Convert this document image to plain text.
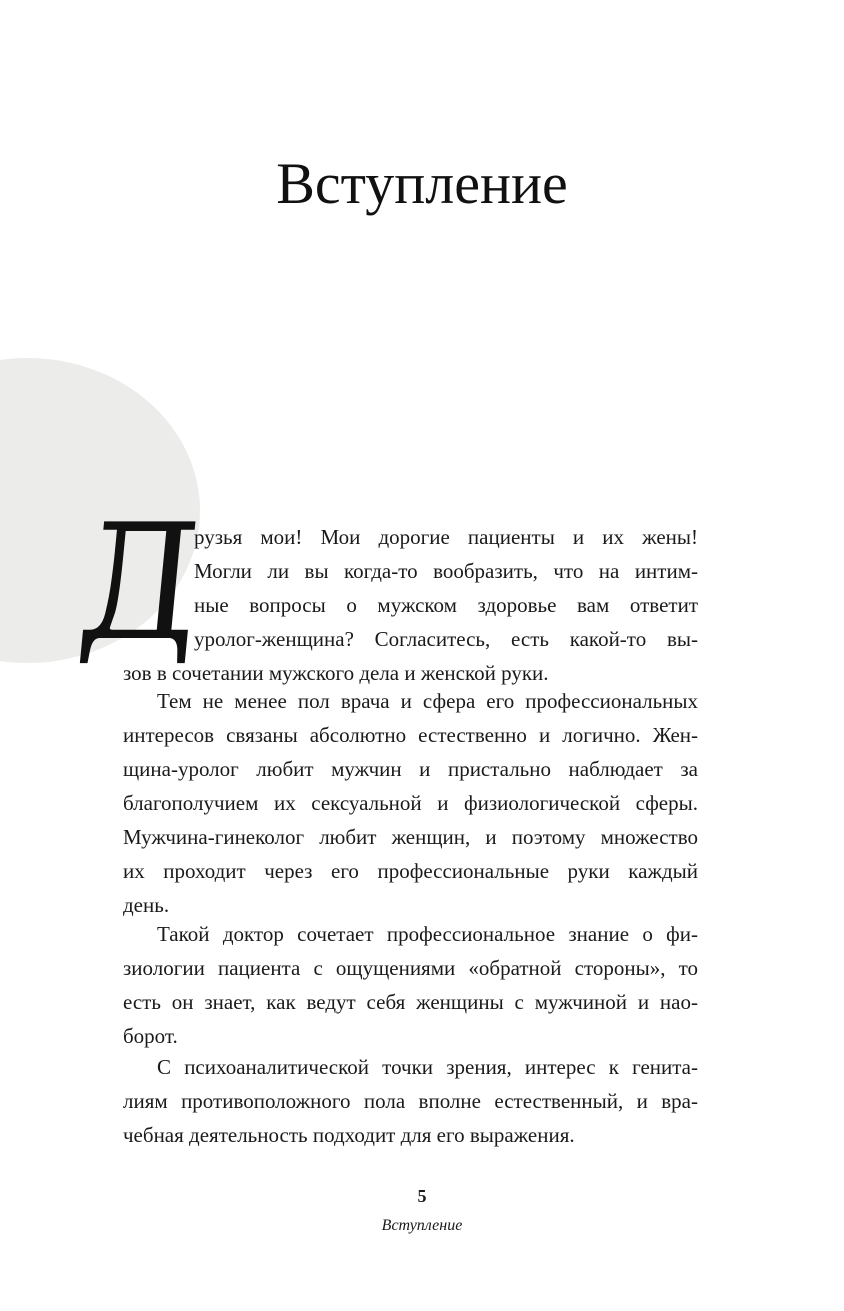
Вступление
Д
рузья мои! Мои дорогие пациенты и их жены!
Могли ли вы когда-то вообразить, что на интим-
ные вопросы о мужском здоровье вам ответит
уролог-женщина? Согласитесь, есть какой-то вы-
зов в сочетании мужского дела и женской руки.
Тем не менее пол врача и сфера его профессиональных
интересов связаны абсолютно естественно и логично. Жен-
щина-уролог любит мужчин и пристально наблюдает за
благополучием их сексуальной и физиологической сферы.
Мужчина-гинеколог любит женщин, и поэтому множество
их проходит через его профессиональные руки каждый
день.
Такой доктор сочетает профессиональное знание о фи-
зиологии пациента с ощущениями «обратной стороны», то
есть он знает, как ведут себя женщины с мужчиной и нао-
борот.
С психоаналитической точки зрения, интерес к генита-
лиям противоположного пола вполне естественный, и вра-
чебная деятельность подходит для его выражения.
5
Вступление
